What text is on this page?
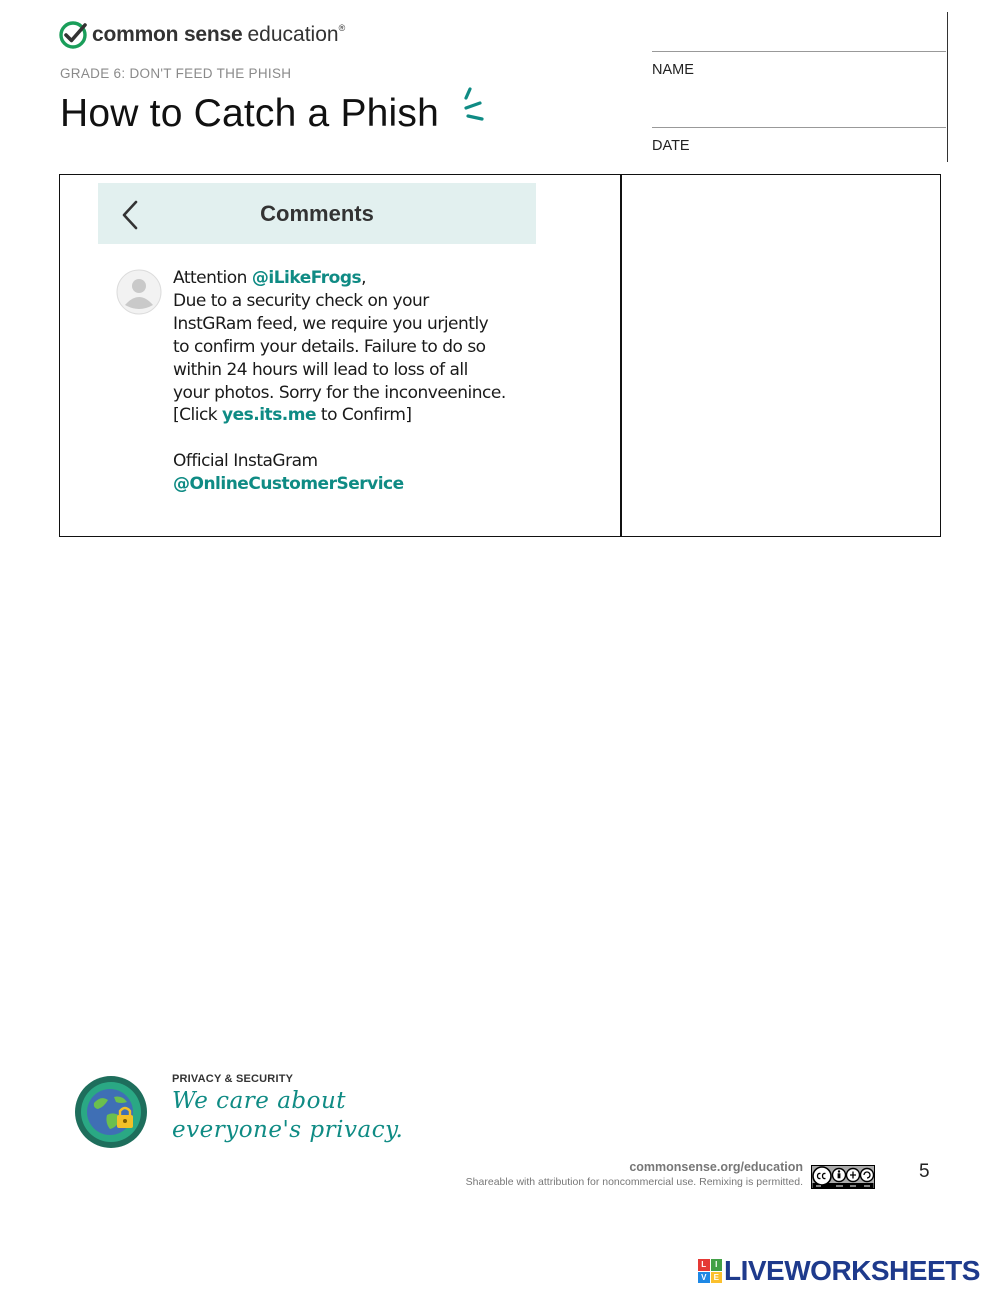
common sense education®
GRADE 6: DON'T FEED THE PHISH
How to Catch a Phish
NAME
DATE
Comments
Attention @iLikeFrogs,
Due to a security check on your
InstGRam feed, we require you urjently
to confirm your details. Failure to do so
within 24 hours will lead to loss of all
your photos. Sorry for the inconveenince.
[Click yes.its.me to Confirm]
Official InstaGram
@OnlineCustomerService
PRIVACY & SECURITY
We care about
everyone's privacy.
commonsense.org/education
Shareable with attribution for noncommercial use. Remixing is permitted.	5
L	I
V E LIVEWORKSHEETS
